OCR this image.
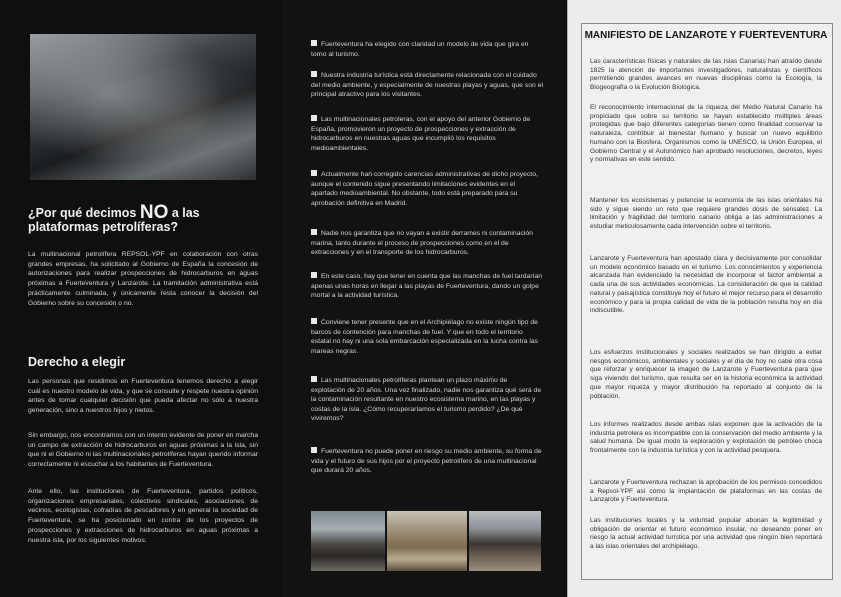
¿Por qué decimos NO a las plataformas petrolíferas?
La multinacional petrolífera REPSOL-YPF en colaboración con otras grandes empresas, ha solicitado al Gobierno de España la concesión de autorizaciones para realizar prospecciones de hidrocarburos en aguas próximas a Fuerteventura y Lanzarote. La tramitación administrativa está prácticamente culminada, y únicamente resta conocer la decisión del Gobierno sobre su concesión o no.
Derecho a elegir
Las personas que residimos en Fuerteventura tenemos derecho a elegir cuál es nuestro modelo de vida, y que se consulte y respete nuestra opinión antes de tomar cualquier decisión que pueda afectar no sólo a nuestra generación, sino a nuestros hijos y nietos.
Sin embargo, nos encontramos con un intento evidente de poner en marcha un campo de extracción de hidrocarburos en aguas próximas a la isla, sin que ni el Gobierno ni las multinacionales petrolíferas hayan querido informar correctamente ni escuchar a los habitantes de Fuerteventura.
Ante ello, las instituciones de Fuerteventura, partidos políticos, organizaciones empresariales, colectivos sindicales, asociaciones de vecinos, ecologistas, cofradías de pescadores y en general la sociedad de Fuerteventura, se ha posicionado en contra de los proyectos de prospecciones y extracciones de hidrocarburos en aguas próximas a nuestra isla, por los siguientes motivos:
Fuerteventura ha elegido con claridad un modelo de vida que gira en torno al turismo.
Nuestra industria turística está directamente relacionada con el cuidado del medio ambiente, y especialmente de nuestras playas y aguas, que son el principal atractivo para los visitantes.
Las multinacionales petroleras, con el apoyo del anterior Gobierno de España, promovieron un proyecto de prospecciones y extracción de hidrocarburos en nuestras aguas que incumplió los requisitos medioambientales.
Actualmente han corregido carencias administrativas de dicho proyecto, aunque el contenido sigue presentando limitaciones evidentes en el apartado medioambiental. No obstante, todo está preparado para su aprobación definitiva en Madrid.
Nadie nos garantiza que no vayan a existir derrames ni contaminación marina, tanto durante el proceso de prospecciones como en el de extracciones y en el transporte de los hidrocarburos.
En este caso, hay que tener en cuenta que las manchas de fuel tardarían apenas unas horas en llegar a las playas de Fuerteventura, dando un golpe mortal a la actividad turística.
Conviene tener presente que en el Archipiélago no existe ningún tipo de barcos de contención para manchas de fuel. Y que en todo el territorio estatal no hay ni una sola embarcación especializada en la lucha contra las mareas negras.
Las multinacionales petrolíferas plantean un plazo máximo de explotación de 20 años. Una vez finalizado, nadie nos garantiza qué será de la contaminación resultante en nuestro ecosistema marino, en las playas y costas de la isla. ¿Cómo recuperaríamos el turismo perdido? ¿De qué viviremos?
Fuerteventura no puede poner en riesgo su medio ambiente, su forma de vida y el futuro de sus hijos por el proyecto petrolífero de una multinacional que durará 20 años.
MANIFIESTO DE LANZAROTE Y FUERTEVENTURA
Las características físicas y naturales de las Islas Canarias han atraído desde 1825 la atención de importantes investigadores, naturalistas y científicos permitiendo grandes avances en nuevas disciplinas como la Ecología, la Biogeografía o la Evolución Biológica.
El reconocimiento internacional de la riqueza del Medio Natural Canario ha propiciado que sobre su territorio se hayan establecido múltiples áreas protegidas que bajo diferentes categorías tienen como finalidad conservar la naturaleza, contribuir al bienestar humano y buscar un nuevo equilibrio humano con la Biosfera. Organismos como la UNESCO, la Unión Europea, el Gobierno Central y el Autonómico han aprobado resoluciones, decretos, leyes y normativas en este sentido.
Mantener los ecosistemas y potenciar la economía de las islas orientales ha sido y sigue siendo un reto que requiere grandes dosis de sensatez. La limitación y fragilidad del territorio canario obliga a las administraciones a estudiar meticulosamente cada intervención sobre el territorio.
Lanzarote y Fuerteventura han apostado clara y decisivamente por consolidar un modelo económico basado en el turismo. Los conocimientos y experiencia alcanzada han evidenciado la necesidad de incorporar el factor ambiental a cada una de sus actividades económicas. La consideración de que la calidad natural y paisajística constituye hoy el futuro el mejor recurso para el desarrollo económico y para la propia calidad de vida de la población resulta hoy en día indiscutible.
Los esfuerzos institucionales y sociales realizados se han dirigido a evitar riesgos económicos, ambientales y sociales y el día de hoy no cabe otra cosa que reforzar y enriquecer la imagen de Lanzarote y Fuerteventura para que siga viviendo del turismo, que resulta ser en la historia económica la actividad que mayor riqueza y mayor distribución ha reportado al conjunto de la población.
Los informes realizados desde ambas islas exponen que la activación de la industria petrolera es incompatible con la conservación del medio ambiente y la salud humana. De igual modo la exploración y explotación de petróleo choca frontalmente con la industria turística y con la actividad pesquera.
Lanzarote y Fuerteventura rechazan la aprobación de los permisos concedidos a Repsol-YPF así como la implantación de plataformas en las costas de Lanzarote y Fuerteventura.
Las instituciones locales y la voluntad popular abonan la legitimidad y obligación de orientar el futuro económico insular, no deseando poner en riesgo la actual actividad turística por una actividad que ningún bien reportará a las islas orientales del archipiélago.
